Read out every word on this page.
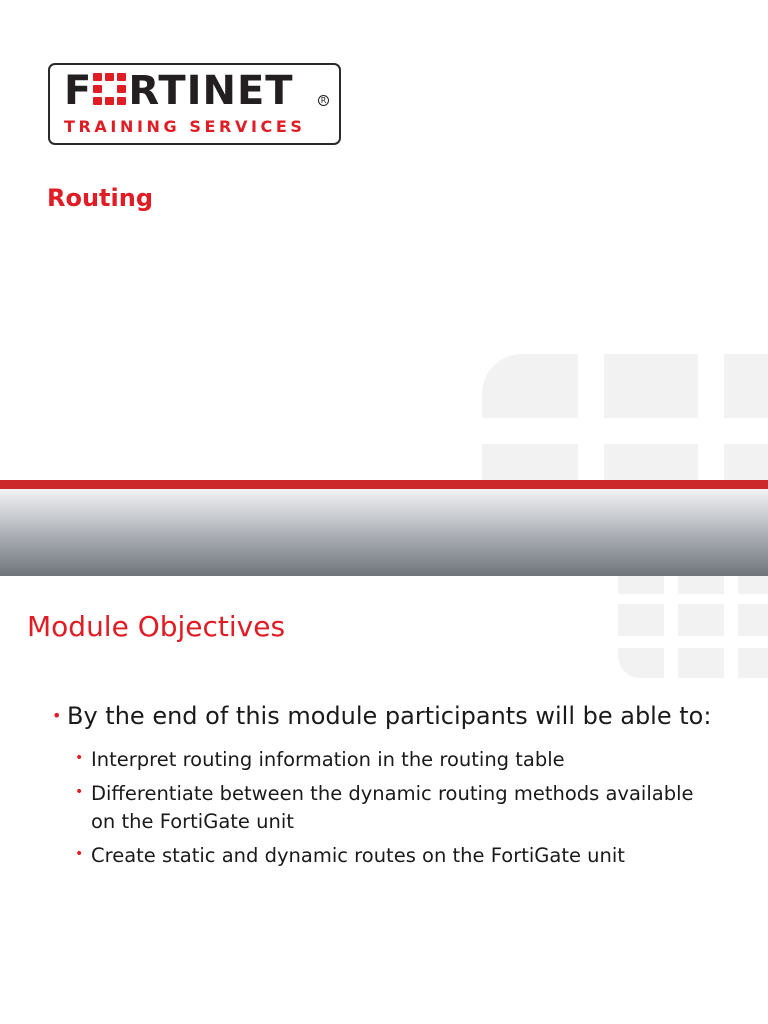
F RTINET	R
TRAINING SERVICES
Routing
Module Objectives
• By the end of this module participants will be able to:
• Interpret routing information in the routing table
• Differentiate between the dynamic routing methods available on the FortiGate unit
• Create static and dynamic routes on the FortiGate unit
